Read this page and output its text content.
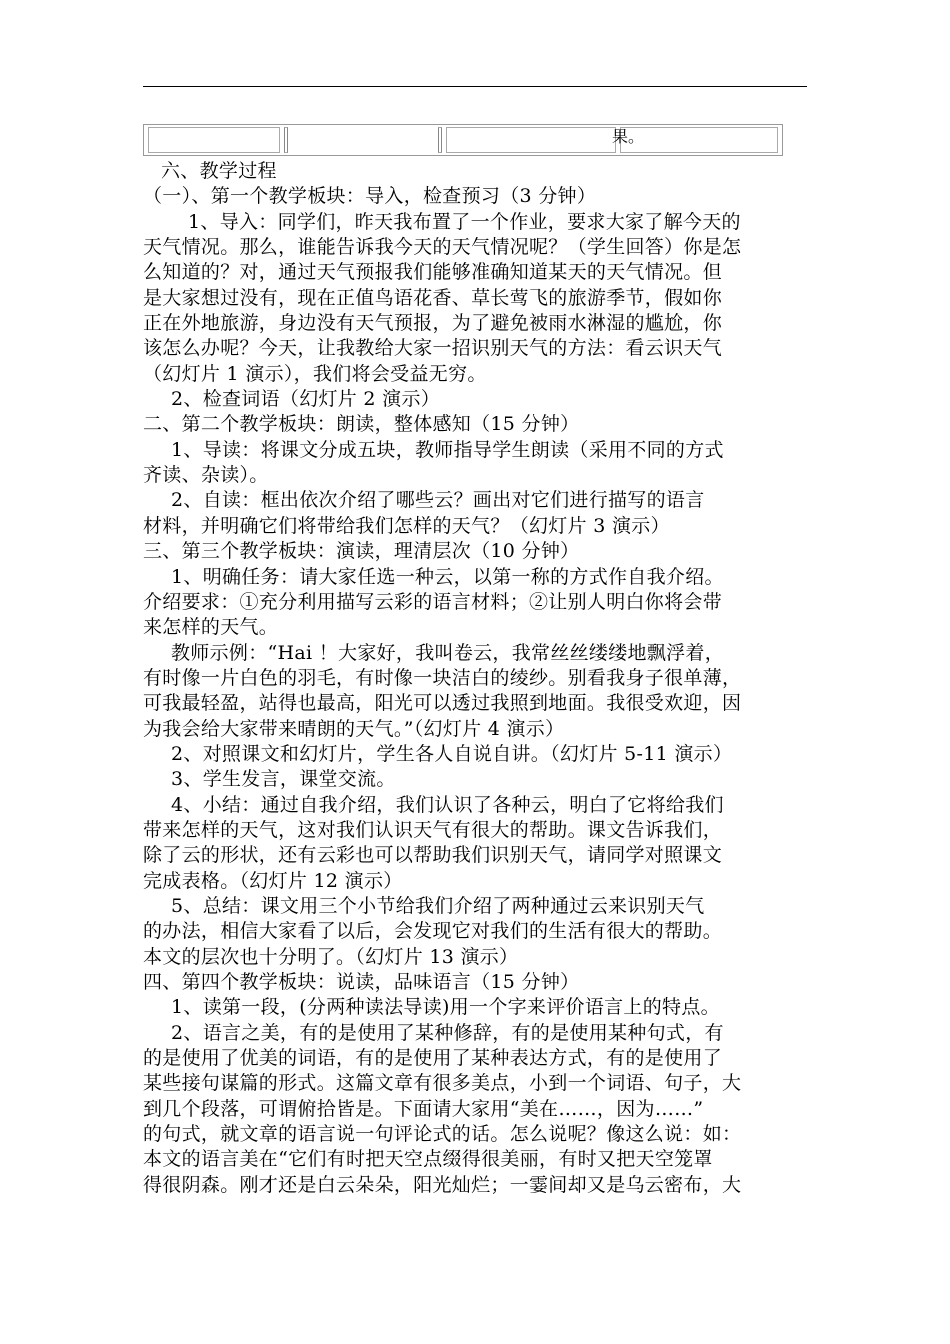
果。
六、教学过程
（一）、第一个教学板块：导入，检查预习（3 分钟）
1、导入：同学们，昨天我布置了一个作业，要求大家了解今天的
天气情况。那么，谁能告诉我今天的天气情况呢？（学生回答）你是怎
么知道的？对，通过天气预报我们能够准确知道某天的天气情况。但
是大家想过没有，现在正值鸟语花香、草长莺飞的旅游季节，假如你
正在外地旅游，身边没有天气预报，为了避免被雨水淋湿的尴尬，你
该怎么办呢？今天，让我教给大家一招识别天气的方法：看云识天气
（幻灯片 1 演示），我们将会受益无穷。
2、检查词语（幻灯片 2 演示）
二、第二个教学板块：朗读，整体感知（15 分钟）
1、导读：将课文分成五块，教师指导学生朗读（采用不同的方式
齐读、杂读）。
2、自读：框出依次介绍了哪些云？画出对它们进行描写的语言
材料，并明确它们将带给我们怎样的天气？（幻灯片 3 演示）
三、第三个教学板块：演读，理清层次（10 分钟）
1、明确任务：请大家任选一种云，以第一称的方式作自我介绍。
介绍要求：①充分利用描写云彩的语言材料；②让别人明白你将会带
来怎样的天气。
教师示例：“Hai ！大家好，我叫卷云，我常丝丝缕缕地飘浮着，
有时像一片白色的羽毛，有时像一块洁白的绫纱。别看我身子很单薄，
可我最轻盈，站得也最高，阳光可以透过我照到地面。我很受欢迎，因
为我会给大家带来晴朗的天气。”（幻灯片 4 演示）
2、对照课文和幻灯片，学生各人自说自讲。（幻灯片 5-11 演示）
3、学生发言，课堂交流。
4、小结：通过自我介绍，我们认识了各种云，明白了它将给我们
带来怎样的天气，这对我们认识天气有很大的帮助。课文告诉我们，
除了云的形状，还有云彩也可以帮助我们识别天气，请同学对照课文
完成表格。（幻灯片 12 演示）
5、总结：课文用三个小节给我们介绍了两种通过云来识别天气
的办法，相信大家看了以后，会发现它对我们的生活有很大的帮助。
本文的层次也十分明了。（幻灯片 13 演示）
四、第四个教学板块：说读，品味语言（15 分钟）
1、读第一段，(分两种读法导读)用一个字来评价语言上的特点。
2、语言之美，有的是使用了某种修辞，有的是使用某种句式，有
的是使用了优美的词语，有的是使用了某种表达方式，有的是使用了
某些接句谋篇的形式。这篇文章有很多美点，小到一个词语、句子，大
到几个段落，可谓俯拾皆是。下面请大家用“美在……，因为……”
的句式，就文章的语言说一句评论式的话。怎么说呢？像这么说：如：
本文的语言美在“它们有时把天空点缀得很美丽，有时又把天空笼罩
得很阴森。刚才还是白云朵朵，阳光灿烂；一霎间却又是乌云密布，大
